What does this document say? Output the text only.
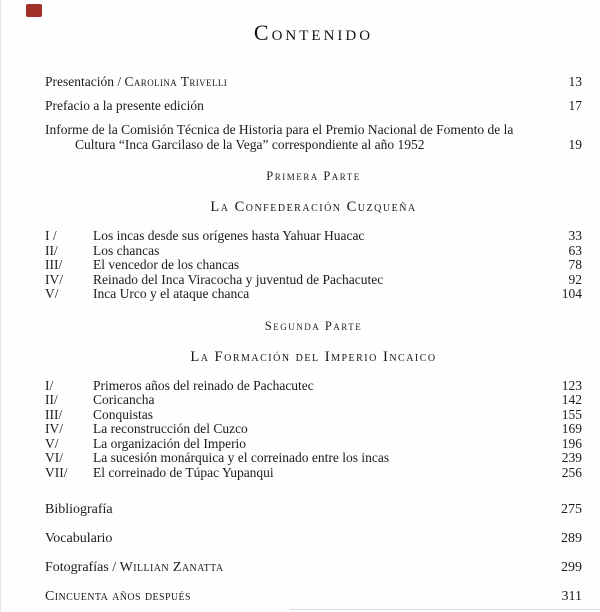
Contenido
Presentación / Carolina Trivelli	13
Prefacio a la presente edición	17
Informe de la Comisión Técnica de Historia para el Premio Nacional de Fomento de la Cultura “Inca Garcilaso de la Vega” correspondiente al año 1952	19
Primera Parte
La Confederación Cuzqueña
I /	Los incas desde sus orígenes hasta Yahuar Huacac	33
II/	Los chancas	63
III/	El vencedor de los chancas	78
IV/	Reinado del Inca Viracocha y juventud de Pachacutec	92
V/	Inca Urco y el ataque chanca	104
Segunda Parte
La Formación del Imperio Incaico
I/	Primeros años del reinado de Pachacutec	123
II/	Coricancha	142
III/	Conquistas	155
IV/	La reconstrucción del Cuzco	169
V/	La organización del Imperio	196
VI/	La sucesión monárquica y el correinado entre los incas	239
VII/	El correinado de Túpac Yupanqui	256
Bibliografía	275
Vocabulario	289
Fotografías / Willian Zanatta	299
Cincuenta años después	311
